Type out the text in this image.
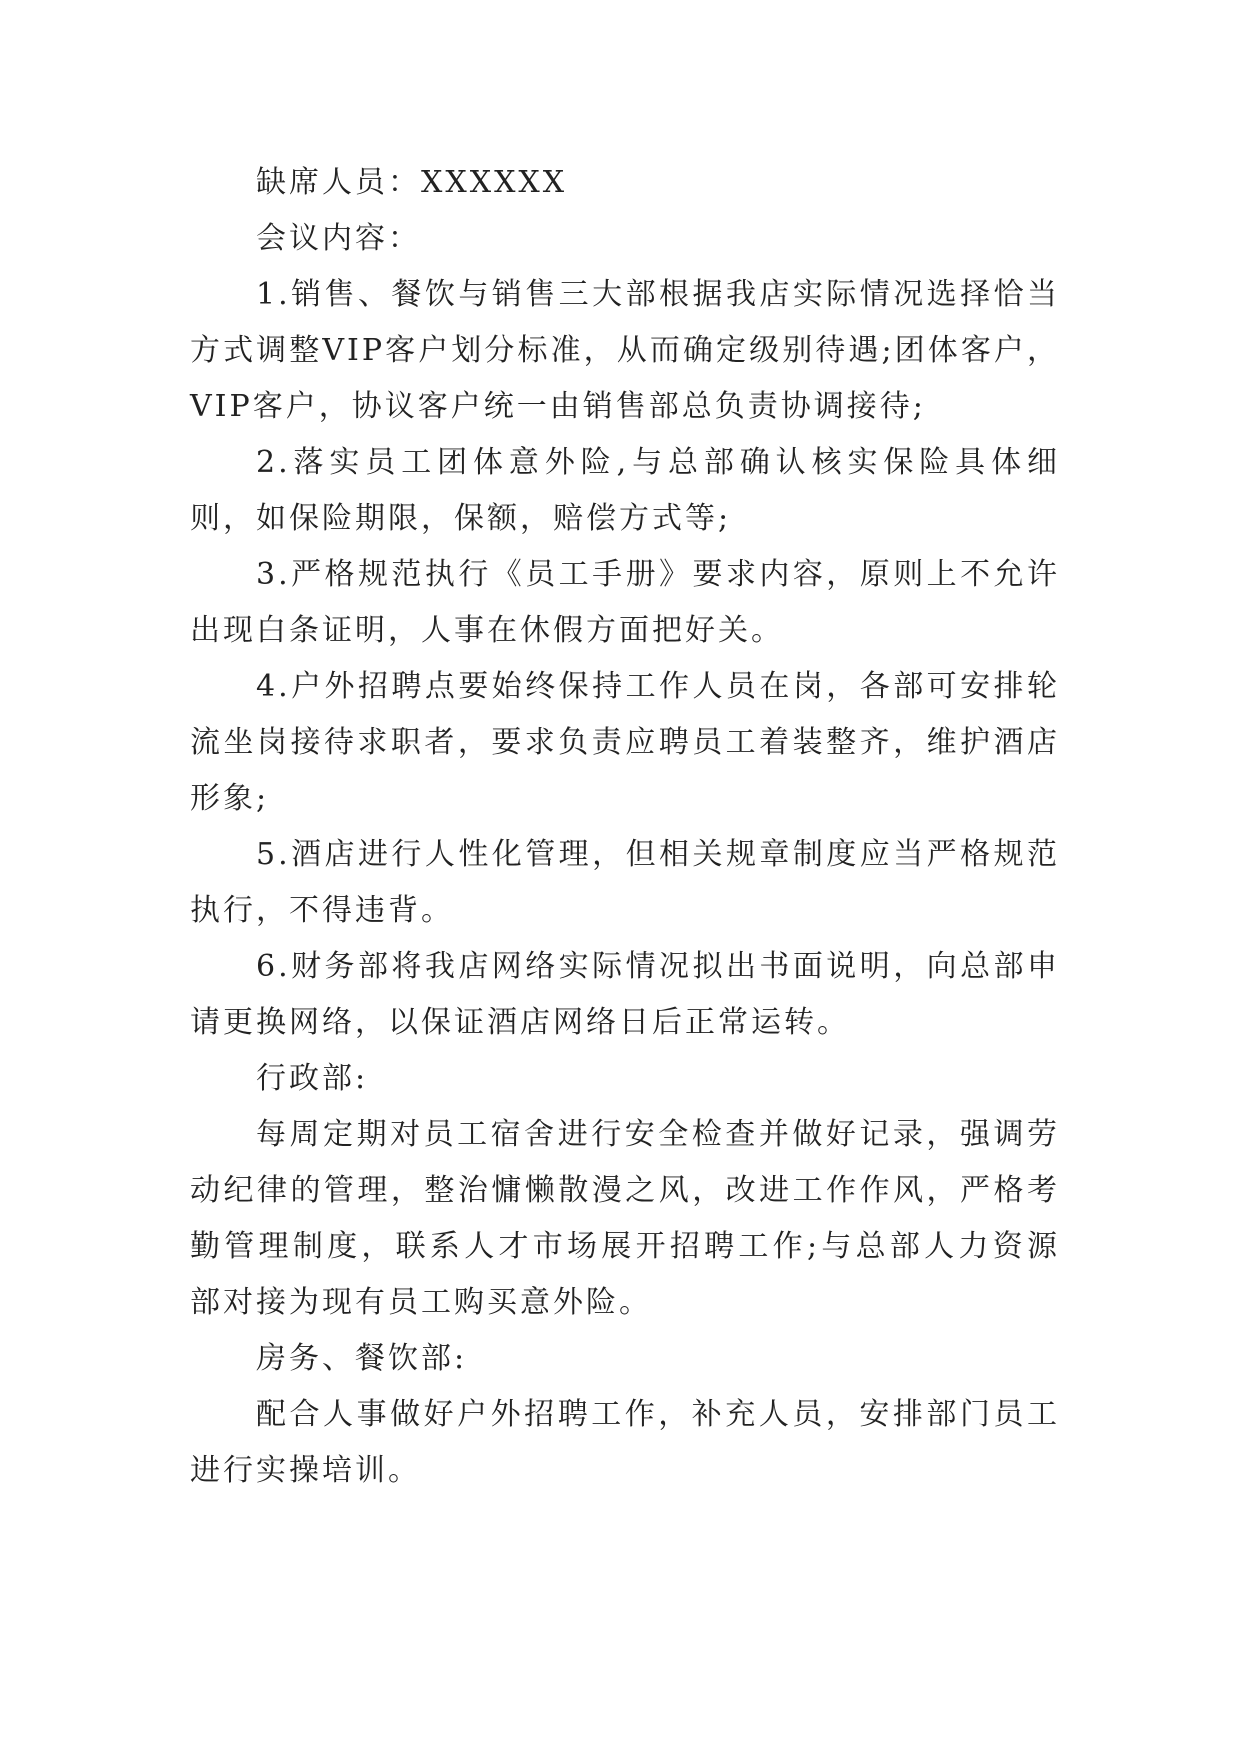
缺席人员：XXXXXX

会议内容：

1.销售、餐饮与销售三大部根据我店实际情况选择恰当方式调整VIP客户划分标准，从而确定级别待遇;团体客户，VIP客户，协议客户统一由销售部总负责协调接待;

2.落实员工团体意外险,与总部确认核实保险具体细则，如保险期限，保额，赔偿方式等;

3.严格规范执行《员工手册》要求内容，原则上不允许出现白条证明，人事在休假方面把好关。

4.户外招聘点要始终保持工作人员在岗，各部可安排轮流坐岗接待求职者，要求负责应聘员工着装整齐，维护酒店形象;

5.酒店进行人性化管理，但相关规章制度应当严格规范执行，不得违背。

6.财务部将我店网络实际情况拟出书面说明，向总部申请更换网络，以保证酒店网络日后正常运转。

行政部:

每周定期对员工宿舍进行安全检查并做好记录，强调劳动纪律的管理，整治慵懒散漫之风，改进工作作风，严格考勤管理制度，联系人才市场展开招聘工作;与总部人力资源部对接为现有员工购买意外险。

房务、餐饮部:

配合人事做好户外招聘工作，补充人员，安排部门员工进行实操培训。
